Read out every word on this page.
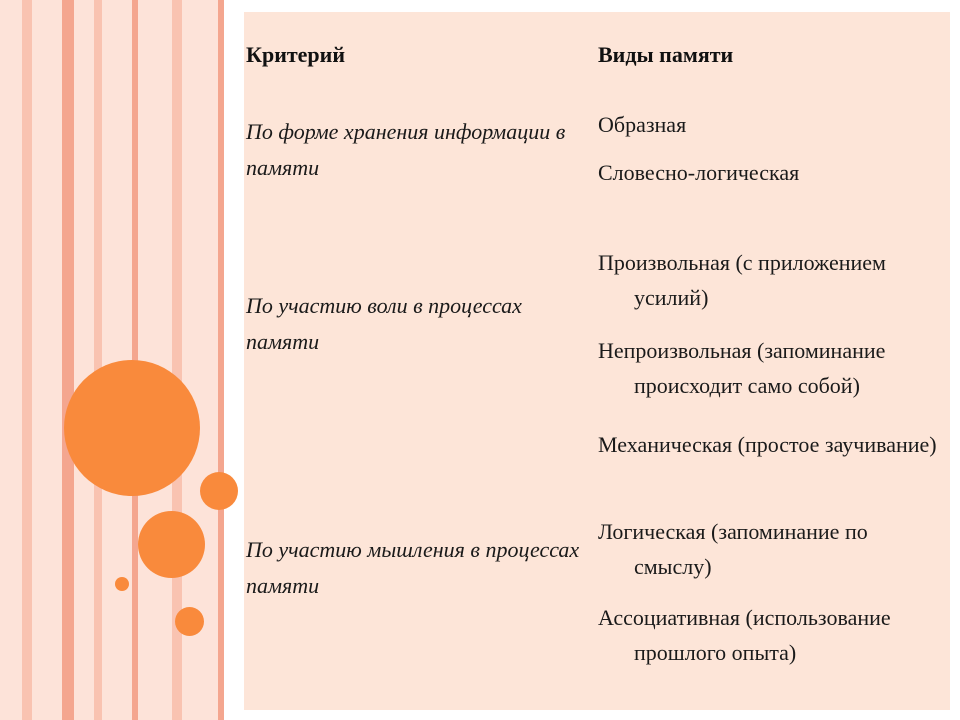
Критерий	Виды памяти
По форме хранения информации в памяти
Образная
Словесно-логическая
По участию воли в процессах памяти
Произвольная (с приложением усилий)
Непроизвольная (запоминание происходит само собой)
По участию мышления в процессах памяти
Механическая (простое заучивание)
Логическая (запоминание по смыслу)
Ассоциативная (использование прошлого опыта)
